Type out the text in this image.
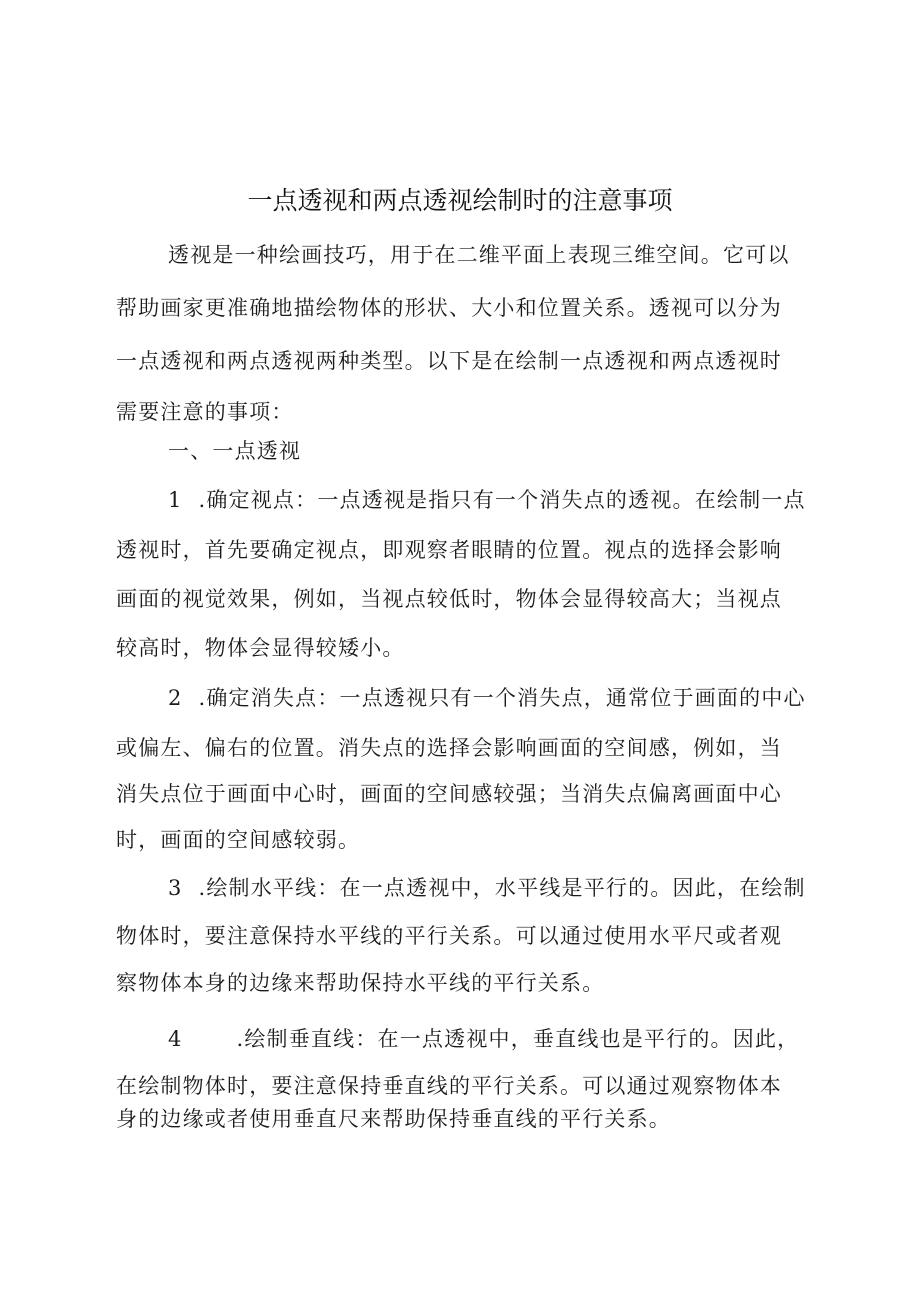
一点透视和两点透视绘制时的注意事项
透视是一种绘画技巧，用于在二维平面上表现三维空间。它可以
帮助画家更准确地描绘物体的形状、大小和位置关系。透视可以分为
一点透视和两点透视两种类型。以下是在绘制一点透视和两点透视时
需要注意的事项：
一、一点透视
1 .确定视点：一点透视是指只有一个消失点的透视。在绘制一点
透视时，首先要确定视点，即观察者眼睛的位置。视点的选择会影响
画面的视觉效果，例如，当视点较低时，物体会显得较高大；当视点
较高时，物体会显得较矮小。
2 .确定消失点：一点透视只有一个消失点，通常位于画面的中心
或偏左、偏右的位置。消失点的选择会影响画面的空间感，例如，当
消失点位于画面中心时，画面的空间感较强；当消失点偏离画面中心
时，画面的空间感较弱。
3 .绘制水平线：在一点透视中，水平线是平行的。因此，在绘制
物体时，要注意保持水平线的平行关系。可以通过使用水平尺或者观
察物体本身的边缘来帮助保持水平线的平行关系。
4	.绘制垂直线：在一点透视中，垂直线也是平行的。因此，
在绘制物体时，要注意保持垂直线的平行关系。可以通过观察物体本
身的边缘或者使用垂直尺来帮助保持垂直线的平行关系。
